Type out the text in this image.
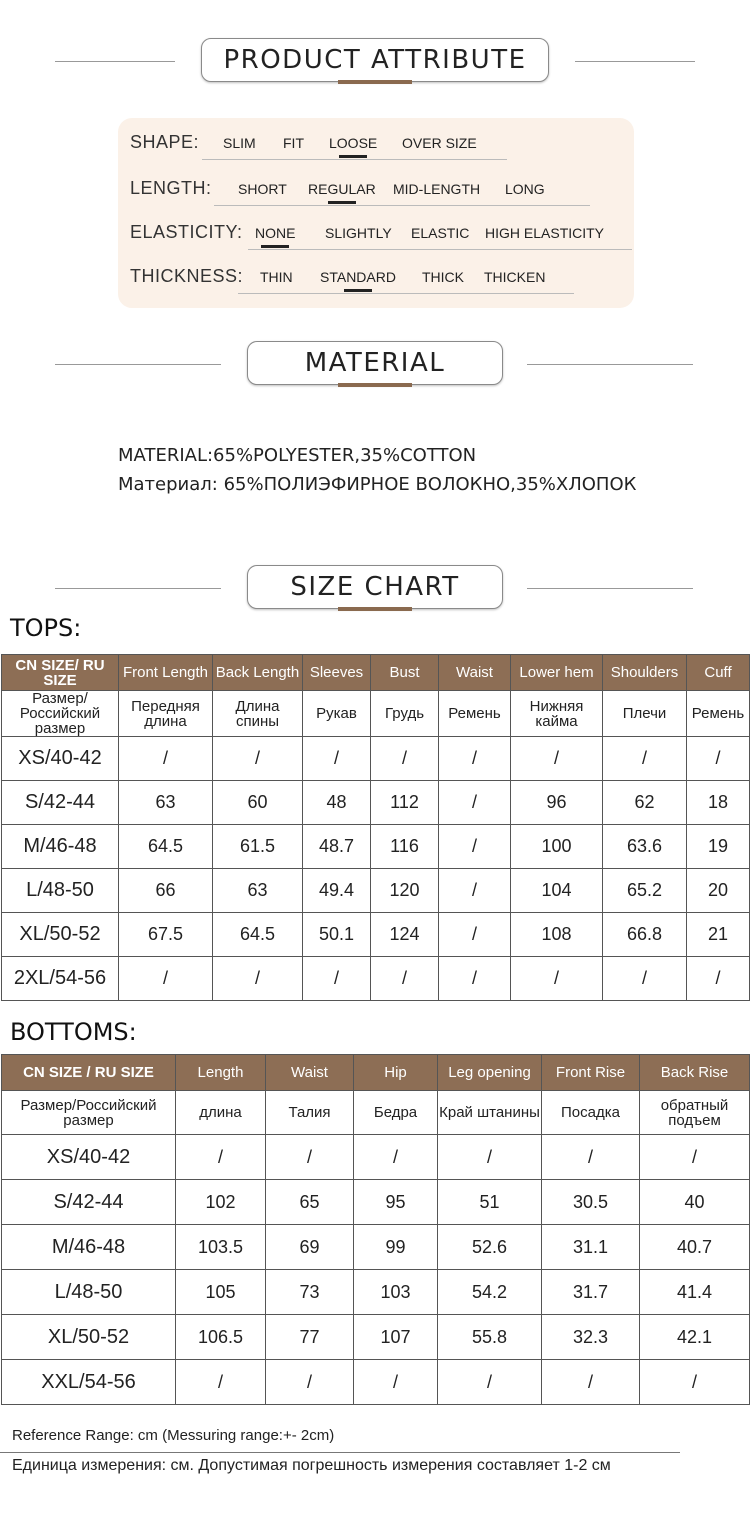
PRODUCT ATTRIBUTE
SHAPE: SLIM FIT LOOSE OVER SIZE
LENGTH: SHORT REGULAR MID-LENGTH LONG
ELASTICITY: NONE SLIGHTLY ELASTIC HIGH ELASTICITY
THICKNESS: THIN STANDARD THICK THICKEN
MATERIAL
MATERIAL:65%POLYESTER,35%COTTON
Материал: 65%ПОЛИЭФИРНОЕ ВОЛОКНО,35%ХЛОПОК
SIZE CHART
TOPS:
CN SIZE/ RU SIZE	Front Length	Back Length	Sleeves	Bust	Waist	Lower hem	Shoulders	Cuff
Размер/ Российский размер	Передняя длина	Длина спины	Рукав	Грудь	Ремень	Нижняя кайма	Плечи	Ремень
XS/40-42	/	/	/	/	/	/	/	/
S/42-44	63	60	48	112	/	96	62	18
M/46-48	64.5	61.5	48.7	116	/	100	63.6	19
L/48-50	66	63	49.4	120	/	104	65.2	20
XL/50-52	67.5	64.5	50.1	124	/	108	66.8	21
2XL/54-56	/	/	/	/	/	/	/	/
BOTTOMS:
CN SIZE / RU SIZE	Length	Waist	Hip	Leg opening	Front Rise	Back Rise
Размер/Российский размер	длина	Талия	Бедра	Край штанины	Посадка	обратный подъем
XS/40-42	/	/	/	/	/	/
S/42-44	102	65	95	51	30.5	40
M/46-48	103.5	69	99	52.6	31.1	40.7
L/48-50	105	73	103	54.2	31.7	41.4
XL/50-52	106.5	77	107	55.8	32.3	42.1
XXL/54-56	/	/	/	/	/	/
Reference Range: cm (Messuring range:+- 2cm)
Единица измерения: см. Допустимая погрешность измерения составляет 1-2 см
